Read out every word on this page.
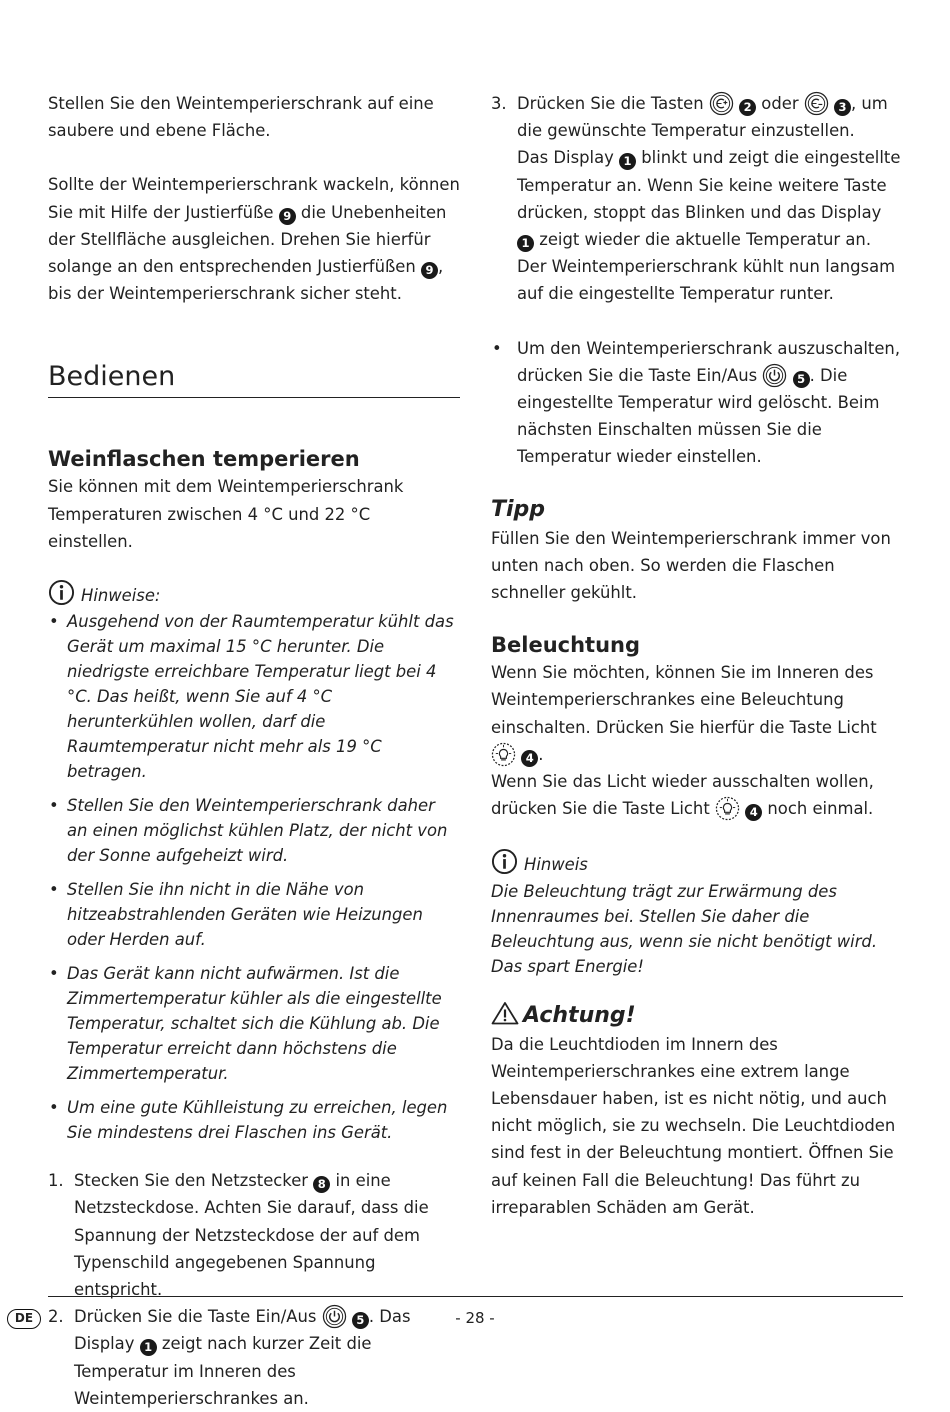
Stellen Sie den Weintemperierschrank auf eine saubere und ebene Fläche.

Sollte der Weintemperierschrank wackeln, können Sie mit Hilfe der Justierfüße 9 die Unebenheiten der Stellfläche ausgleichen. Drehen Sie hierfür solange an den entsprechenden Justierfüßen 9 , bis der Weintemperierschrank sicher steht.

Bedienen
Weinflaschen temperieren

Sie können mit dem Weintemperierschrank Temperaturen zwischen 4 °C und 22 °C einstellen.

Hinweise:
• Ausgehend von der Raumtemperatur kühlt das Gerät um maximal 15 °C herunter. Die niedrigste erreichbare Temperatur liegt bei 4 °C. Das heißt, wenn Sie auf 4 °C herunterkühlen wollen, darf die Raumtemperatur nicht mehr als 19 °C betragen.
• Stellen Sie den Weintemperierschrank daher an einen möglichst kühlen Platz, der nicht von der Sonne aufgeheizt wird.
• Stellen Sie ihn nicht in die Nähe von hitzeabstrahlenden Geräten wie Heizungen oder Herden auf.
• Das Gerät kann nicht aufwärmen. Ist die Zimmertemperatur kühler als die eingestellte Temperatur, schaltet sich die Kühlung ab. Die Temperatur erreicht dann höchstens die Zimmertemperatur.
• Um eine gute Kühlleistung zu erreichen, legen Sie mindestens drei Flaschen ins Gerät.
1. Stecken Sie den Netzstecker 8 in eine Netzsteckdose. Achten Sie darauf, dass die Spannung der Netzsteckdose der auf dem Typenschild angegebenen Spannung entspricht.
2. Drücken Sie die Taste Ein/Aus	5 . Das Display 1 zeigt nach kurzer Zeit die Temperatur im Inneren des Weintemperierschrankes an.
3. Drücken Sie die Tasten	2 oder	3 , um die gewünschte Temperatur einzustellen.
Das Display 1 blinkt und zeigt die eingestellte Temperatur an. Wenn Sie keine weitere Taste drücken, stoppt das Blinken und das Display 1 zeigt wieder die aktuelle Temperatur an. Der Weintemperierschrank kühlt nun langsam auf die eingestellte Temperatur runter.

• Um den Weintemperierschrank auszuschalten, drücken Sie die Taste Ein/Aus	5 . Die eingestellte Temperatur wird gelöscht. Beim nächsten Einschalten müssen Sie die Temperatur wieder einstellen.

Tipp

Füllen Sie den Weintemperierschrank immer von unten nach oben. So werden die Flaschen schneller gekühlt.

Beleuchtung

Wenn Sie möchten, können Sie im Inneren des Weintemperierschrankes eine Beleuchtung einschalten. Drücken Sie hierfür die Taste Licht
4 .
Wenn Sie das Licht wieder ausschalten wollen, drücken Sie die Taste Licht	4 noch einmal.

Hinweis

Die Beleuchtung trägt zur Erwärmung des Innenraumes bei. Stellen Sie daher die Beleuchtung aus, wenn sie nicht benötigt wird. Das spart Energie!

Achtung!

Da die Leuchtdioden im Innern des Weintemperierschrankes eine extrem lange Lebensdauer haben, ist es nicht nötig, und auch nicht möglich, sie zu wechseln. Die Leuchtdioden sind fest in der Beleuchtung montiert. Öffnen Sie auf keinen Fall die Beleuchtung! Das führt zu irreparablen Schäden am Gerät.

DE	- 28 -
